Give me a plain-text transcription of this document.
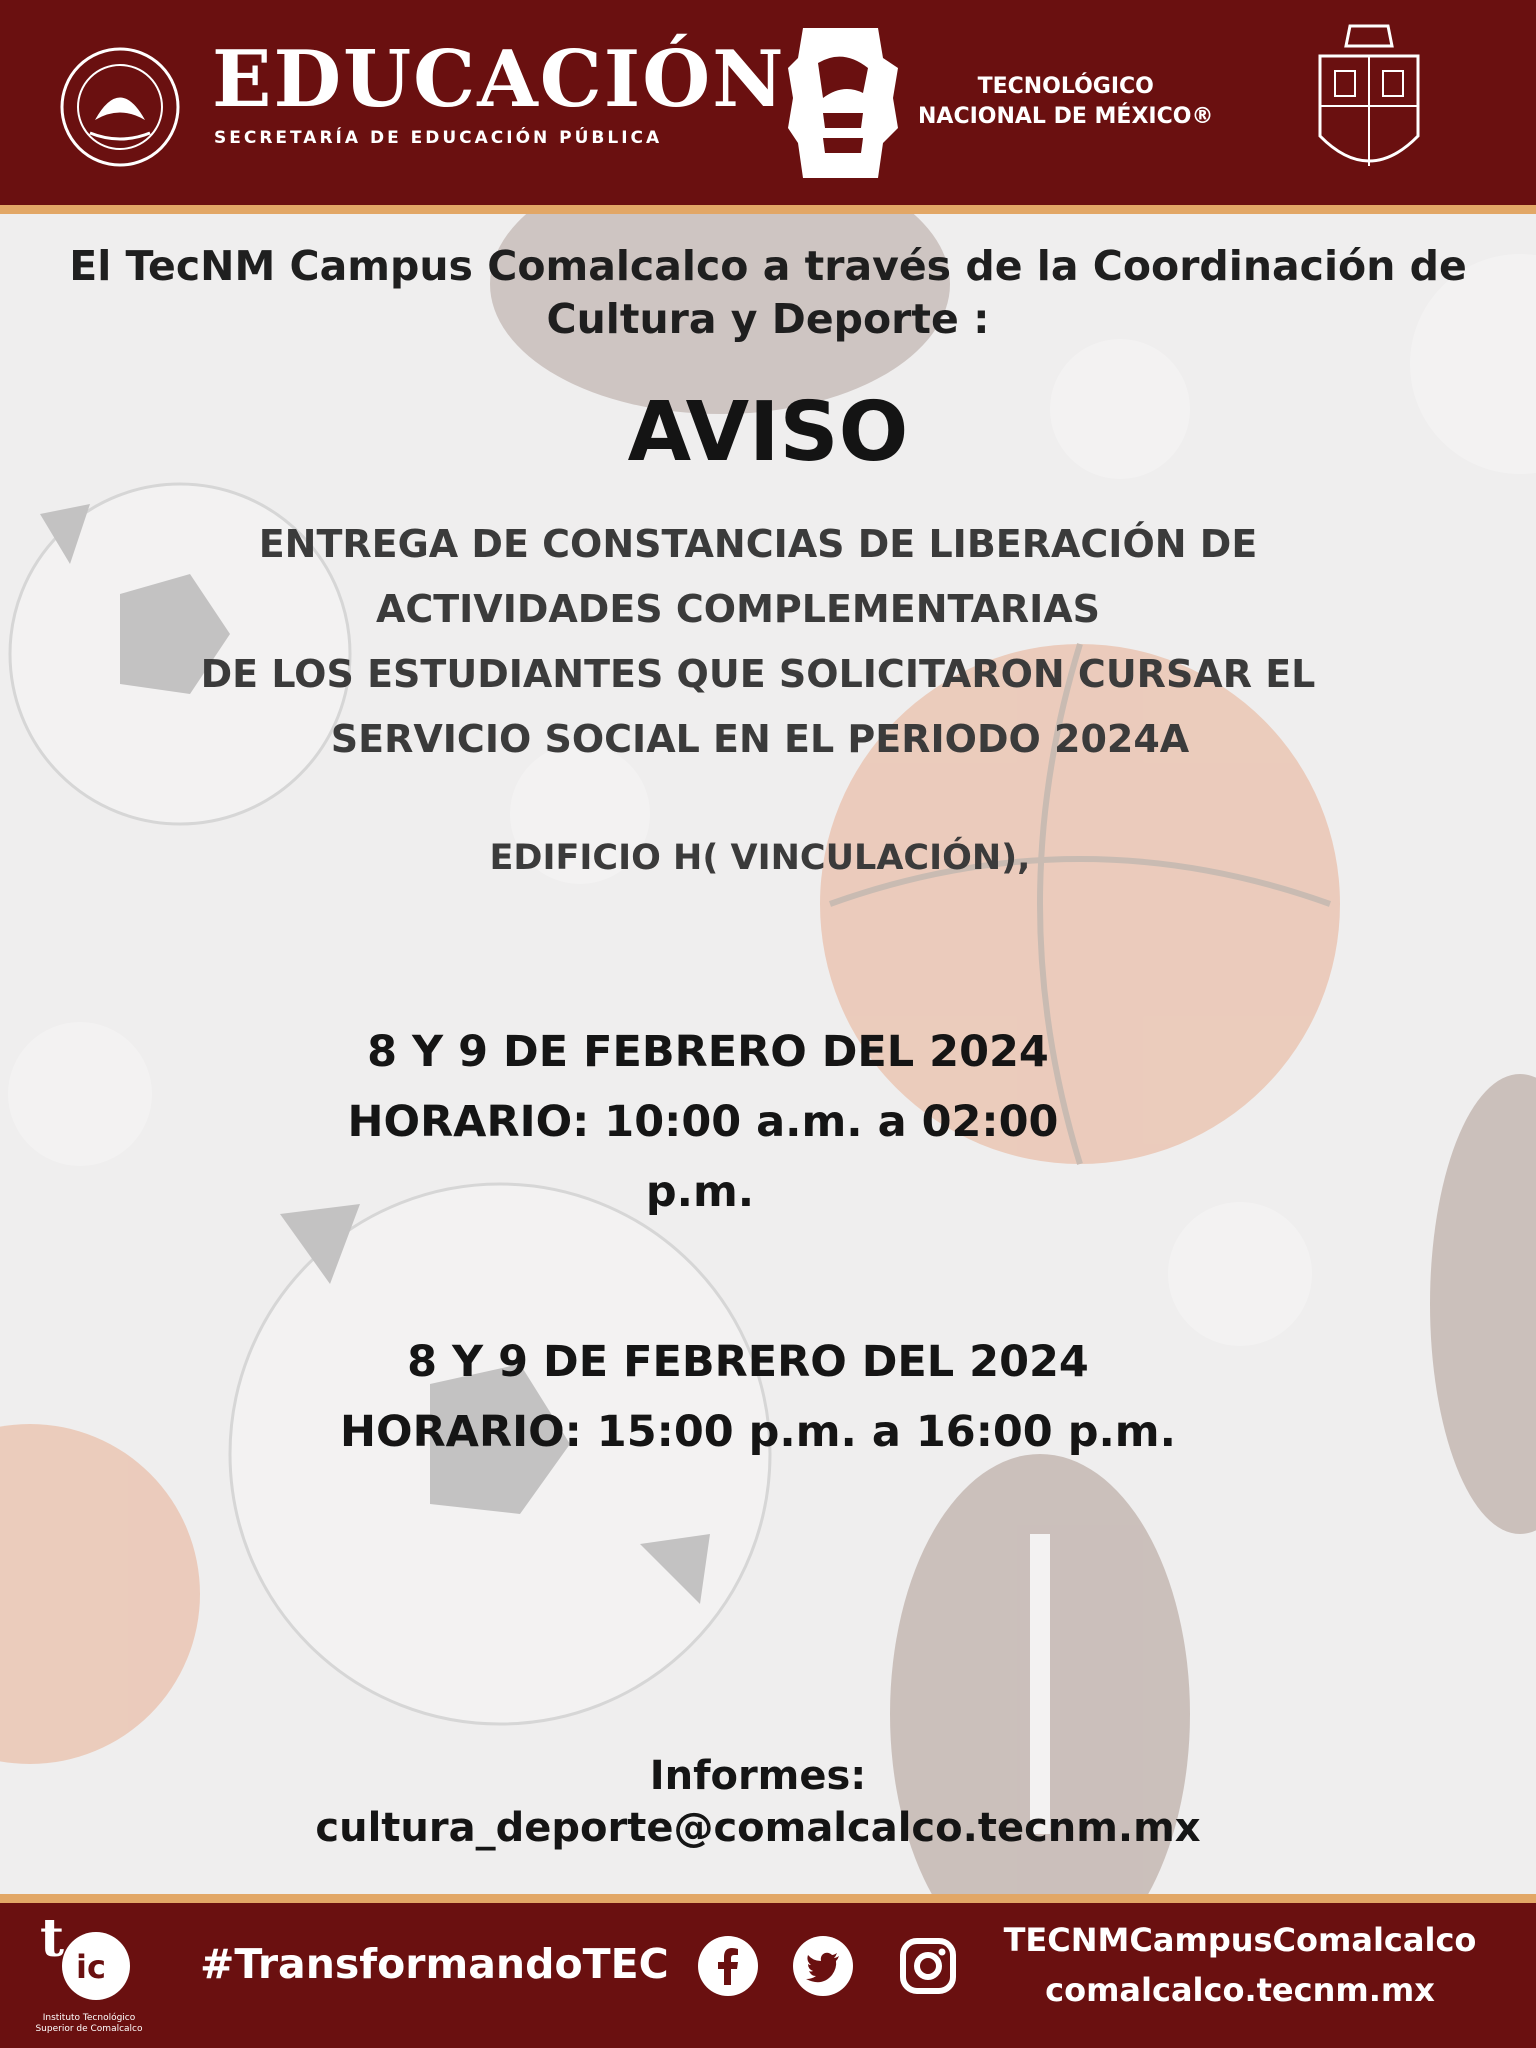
EDUCACIÓN
SECRETARÍA DE EDUCACIÓN PÚBLICA
TECNOLÓGICO
NACIONAL DE MÉXICO®
El TecNM Campus Comalcalco a través de la Coordinación de
Cultura y Deporte :
AVISO
ENTREGA DE CONSTANCIAS DE LIBERACIÓN DE
ACTIVIDADES COMPLEMENTARIAS
DE LOS ESTUDIANTES QUE SOLICITARON CURSAR EL
SERVICIO SOCIAL EN EL PERIODO 2024A
EDIFICIO H( VINCULACIÓN),
8 Y 9 DE FEBRERO DEL 2024
HORARIO: 10:00 a.m. a 02:00
p.m.
8 Y 9 DE FEBRERO DEL 2024
HORARIO: 15:00 p.m. a 16:00 p.m.
Informes:
cultura_deporte@comalcalco.tecnm.mx
t ic
Instituto Tecnológico
Superior de Comalcalco
#TransformandoTEC	TECNMCampusComalcalco
comalcalco.tecnm.mx
